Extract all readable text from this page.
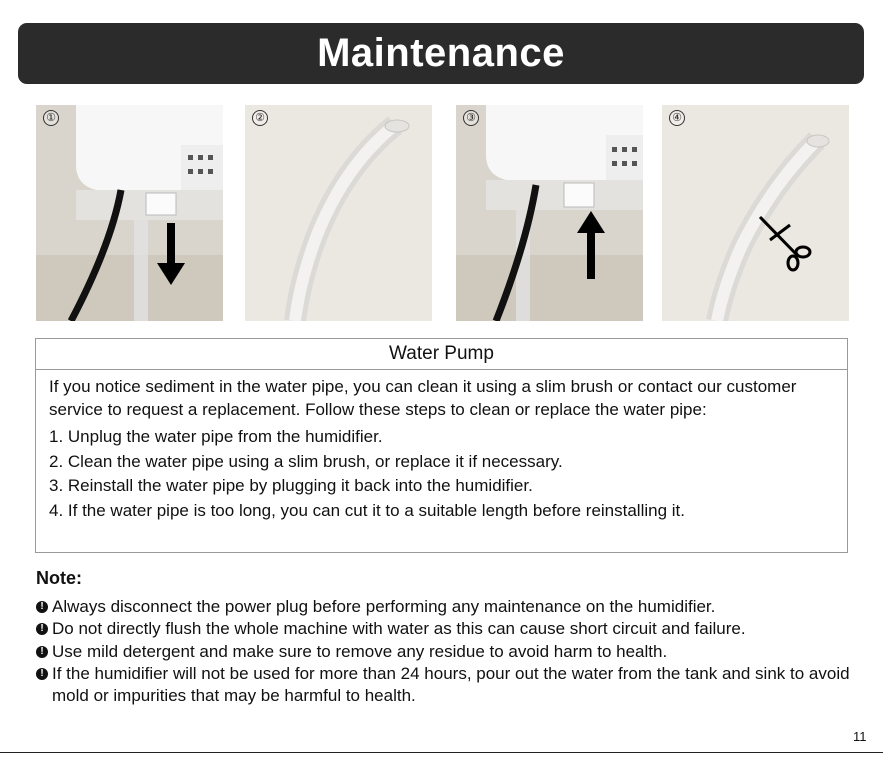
Maintenance
①	②	③	④
Water Pump

If you notice sediment in the water pipe, you can clean it using a slim brush or contact our customer service to request a replacement. Follow these steps to clean or replace the water pipe:

1. Unplug the water pipe from the humidifier.
2. Clean the water pipe using a slim brush, or replace it if necessary.
3. Reinstall the water pipe by plugging it back into the humidifier.
4. If the water pipe is too long, you can cut it to a suitable length before reinstalling it.
Note:
! Always disconnect the power plug before performing any maintenance on the humidifier.
! Do not directly flush the whole machine with water as this can cause short circuit and failure.
! Use mild detergent and make sure to remove any residue to avoid harm to health.
! If the humidifier will not be used for more than 24 hours, pour out the water from the tank and sink to avoid mold or impurities that may be harmful to health.
11
